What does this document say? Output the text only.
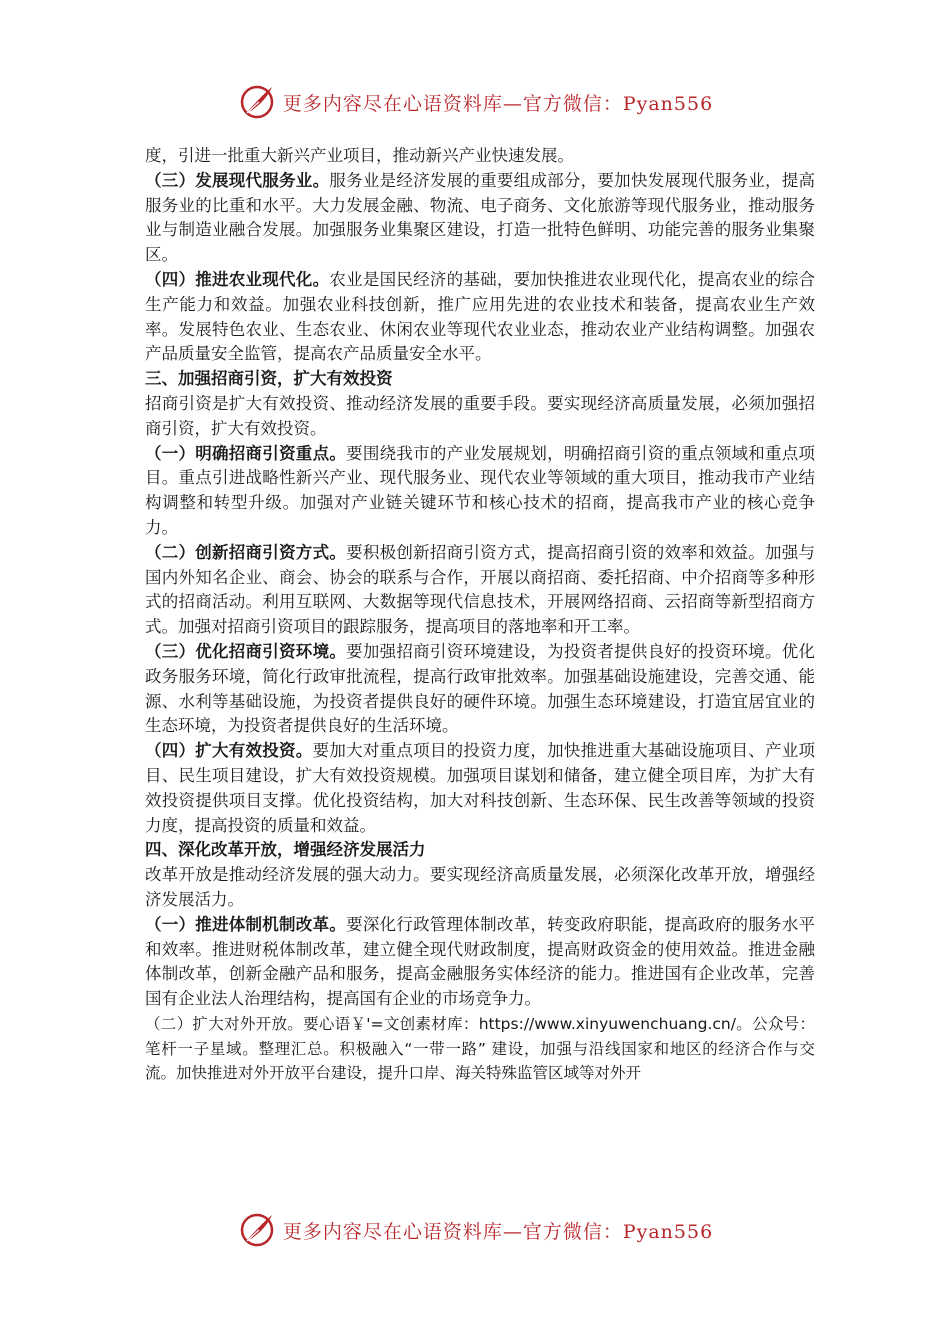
更多内容尽在心语资料库—官方微信：Pyan556

度，引进一批重大新兴产业项目，推动新兴产业快速发展。

（三）发展现代服务业。服务业是经济发展的重要组成部分，要加快发展现代服务业，提高服务业的比重和水平。大力发展金融、物流、电子商务、文化旅游等现代服务业，推动服务业与制造业融合发展。加强服务业集聚区建设，打造一批特色鲜明、功能完善的服务业集聚区。

（四）推进农业现代化。农业是国民经济的基础，要加快推进农业现代化，提高农业的综合生产能力和效益。加强农业科技创新，推广应用先进的农业技术和装备，提高农业生产效率。发展特色农业、生态农业、休闲农业等现代农业业态，推动农业产业结构调整。加强农产品质量安全监管，提高农产品质量安全水平。

三、加强招商引资，扩大有效投资

招商引资是扩大有效投资、推动经济发展的重要手段。要实现经济高质量发展，必须加强招商引资，扩大有效投资。

（一）明确招商引资重点。要围绕我市的产业发展规划，明确招商引资的重点领域和重点项目。重点引进战略性新兴产业、现代服务业、现代农业等领域的重大项目，推动我市产业结构调整和转型升级。加强对产业链关键环节和核心技术的招商，提高我市产业的核心竞争力。

（二）创新招商引资方式。要积极创新招商引资方式，提高招商引资的效率和效益。加强与国内外知名企业、商会、协会的联系与合作，开展以商招商、委托招商、中介招商等多种形式的招商活动。利用互联网、大数据等现代信息技术，开展网络招商、云招商等新型招商方式。加强对招商引资项目的跟踪服务，提高项目的落地率和开工率。

（三）优化招商引资环境。要加强招商引资环境建设，为投资者提供良好的投资环境。优化政务服务环境，简化行政审批流程，提高行政审批效率。加强基础设施建设，完善交通、能源、水利等基础设施，为投资者提供良好的硬件环境。加强生态环境建设，打造宜居宜业的生态环境，为投资者提供良好的生活环境。

（四）扩大有效投资。要加大对重点项目的投资力度，加快推进重大基础设施项目、产业项目、民生项目建设，扩大有效投资规模。加强项目谋划和储备，建立健全项目库，为扩大有效投资提供项目支撑。优化投资结构，加大对科技创新、生态环保、民生改善等领域的投资力度，提高投资的质量和效益。

四、深化改革开放，增强经济发展活力

改革开放是推动经济发展的强大动力。要实现经济高质量发展，必须深化改革开放，增强经济发展活力。

（一）推进体制机制改革。要深化行政管理体制改革，转变政府职能，提高政府的服务水平和效率。推进财税体制改革，建立健全现代财政制度，提高财政资金的使用效益。推进金融体制改革，创新金融产品和服务，提高金融服务实体经济的能力。推进国有企业改革，完善国有企业法人治理结构，提高国有企业的市场竞争力。

（二）扩大对外开放。要心语￥'=文创素材库：https://www.xinyuwenchuang.cn/。公众号：笔杆一子星域。整理汇总。积极融入“一带一路” 建设，加强与沿线国家和地区的经济合作与交流。加快推进对外开放平台建设，提升口岸、海关特殊监管区域等对外开

更多内容尽在心语资料库—官方微信：Pyan556
